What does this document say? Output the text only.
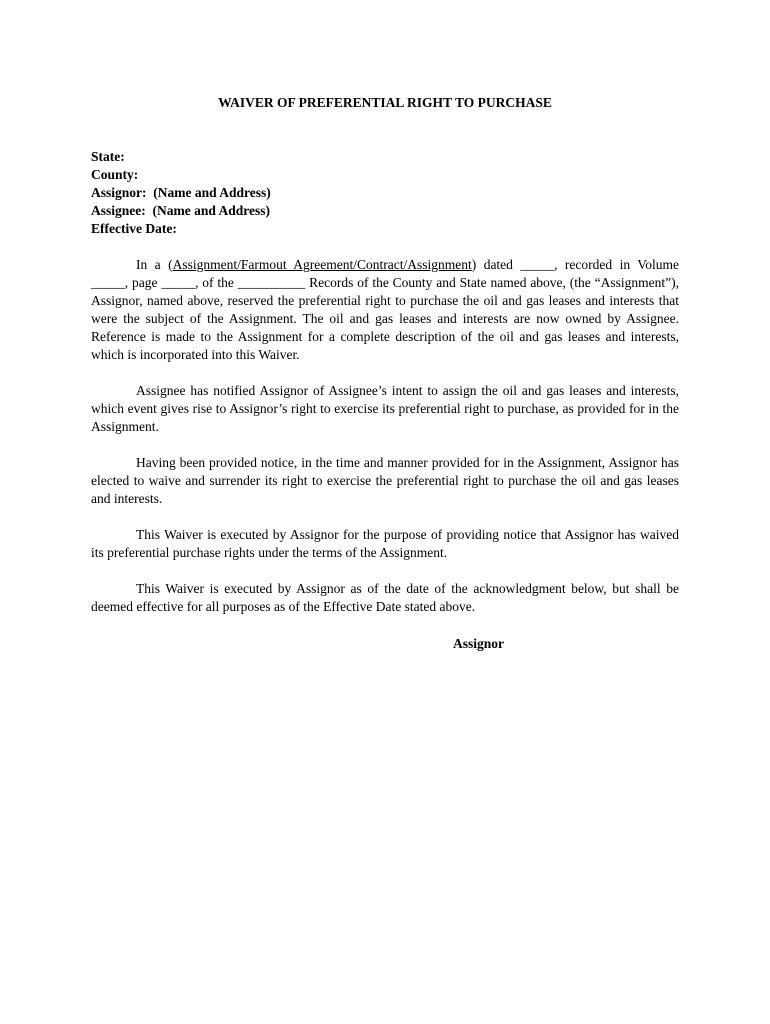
WAIVER OF PREFERENTIAL RIGHT TO PURCHASE
State:
County:
Assignor:  (Name and Address)
Assignee:  (Name and Address)
Effective Date:

In a (Assignment/Farmout Agreement/Contract/Assignment) dated _____, recorded in Volume _____, page _____, of the __________ Records of the County and State named above, (the “Assignment”), Assignor, named above, reserved the preferential right to purchase the oil and gas leases and interests that were the subject of the Assignment. The oil and gas leases and interests are now owned by Assignee. Reference is made to the Assignment for a complete description of the oil and gas leases and interests, which is incorporated into this Waiver.

Assignee has notified Assignor of Assignee’s intent to assign the oil and gas leases and interests, which event gives rise to Assignor’s right to exercise its preferential right to purchase, as provided for in the Assignment.

Having been provided notice, in the time and manner provided for in the Assignment, Assignor has elected to waive and surrender its right to exercise the preferential right to purchase the oil and gas leases and interests.

This Waiver is executed by Assignor for the purpose of providing notice that Assignor has waived its preferential purchase rights under the terms of the Assignment.

This Waiver is executed by Assignor as of the date of the acknowledgment below, but shall be deemed effective for all purposes as of the Effective Date stated above.

Assignor
